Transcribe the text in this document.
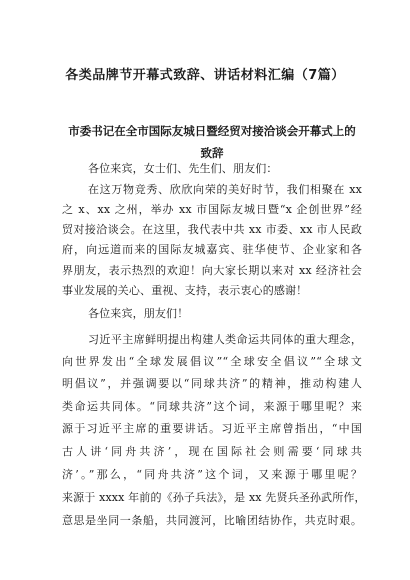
各类品牌节开幕式致辞、讲话材料汇编（7篇）
市委书记在全市国际友城日暨经贸对接洽谈会开幕式上的
致辞
各位来宾，女士们、先生们、朋友们：
在这万物竞秀、欣欣向荣的美好时节，我们相聚在 xx
之 x、xx 之州，举办 xx 市国际友城日暨“x 企创世界”经
贸对接洽谈会。在这里，我代表中共 xx 市委、xx 市人民政
府，向远道而来的国际友城嘉宾、驻华使节、企业家和各
界朋友，表示热烈的欢迎！向大家长期以来对 xx 经济社会
事业发展的关心、重视、支持，表示衷心的感谢！
各位来宾，朋友们！
习近平主席鲜明提出构建人类命运共同体的重大理念，
向世界发出“全球发展倡议”“全球安全倡议”“全球文
明倡议”，并强调要以“同球共济”的精神，推动构建人
类命运共同体。“同球共济”这个词，来源于哪里呢？来
源于习近平主席的重要讲话。习近平主席曾指出，“中国
古人讲‘同舟共济’，现在国际社会则需要‘同球共
济’。”那么，“同舟共济”这个词，又来源于哪里呢？
来源于 xxxx 年前的《孙子兵法》，是 xx 先贤兵圣孙武所作，
意思是坐同一条船，共同渡河，比喻团结协作，共克时艰。
